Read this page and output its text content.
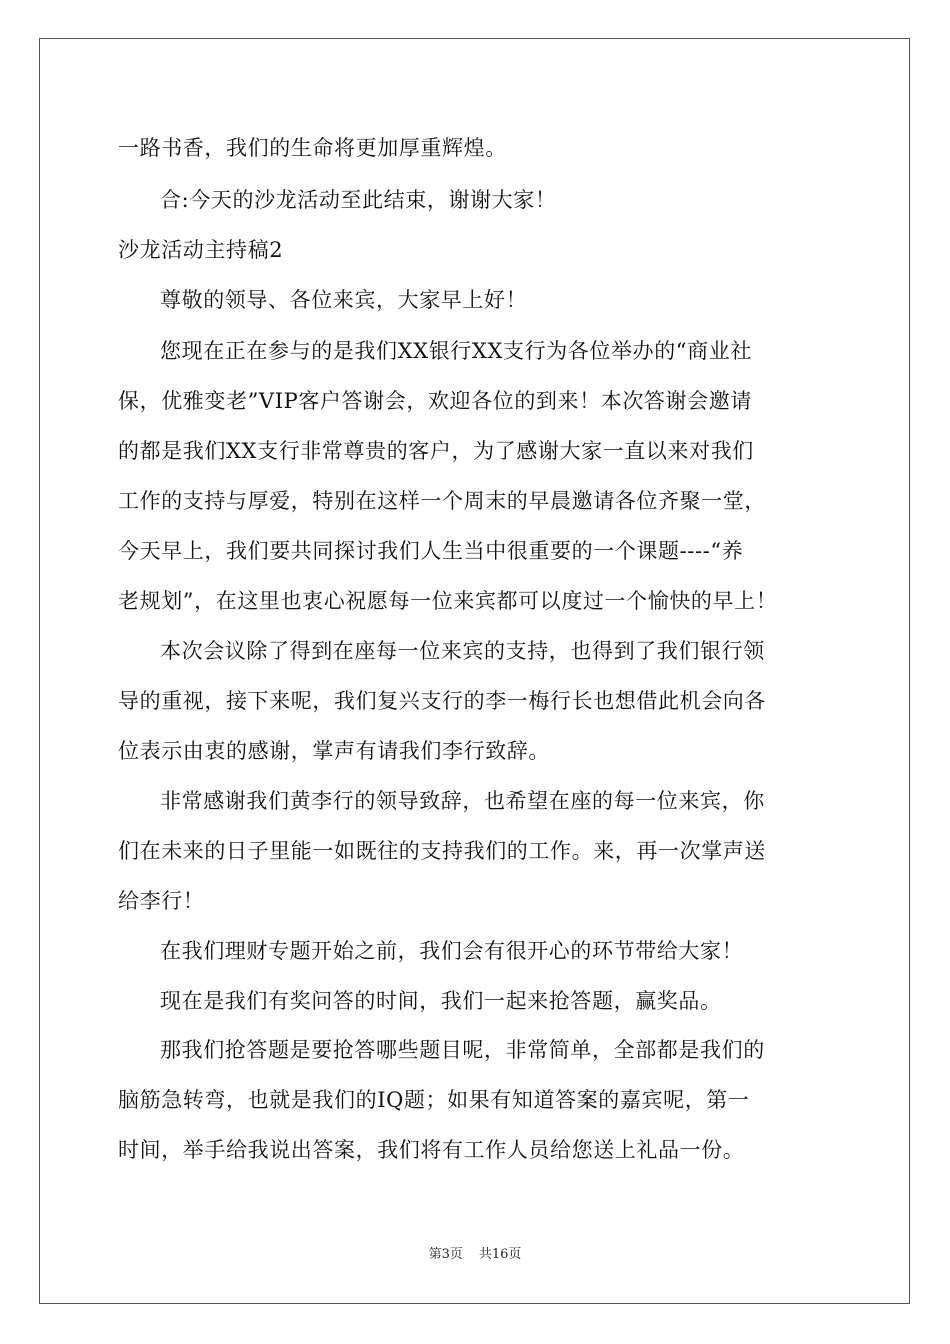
一路书香，我们的生命将更加厚重辉煌。
合:今天的沙龙活动至此结束，谢谢大家！
沙龙活动主持稿2
尊敬的领导、各位来宾，大家早上好！
您现在正在参与的是我们XX银行XX支行为各位举办的“商业社
保，优雅变老”VIP客户答谢会，欢迎各位的到来！本次答谢会邀请
的都是我们XX支行非常尊贵的客户，为了感谢大家一直以来对我们
工作的支持与厚爱，特别在这样一个周末的早晨邀请各位齐聚一堂，
今天早上，我们要共同探讨我们人生当中很重要的一个课题----“养
老规划”，在这里也衷心祝愿每一位来宾都可以度过一个愉快的早上！
本次会议除了得到在座每一位来宾的支持，也得到了我们银行领
导的重视，接下来呢，我们复兴支行的李一梅行长也想借此机会向各
位表示由衷的感谢，掌声有请我们李行致辞。
非常感谢我们黄李行的领导致辞，也希望在座的每一位来宾，你
们在未来的日子里能一如既往的支持我们的工作。来，再一次掌声送
给李行！
在我们理财专题开始之前，我们会有很开心的环节带给大家！
现在是我们有奖问答的时间，我们一起来抢答题，赢奖品。
那我们抢答题是要抢答哪些题目呢，非常简单，全部都是我们的
脑筋急转弯，也就是我们的IQ题；如果有知道答案的嘉宾呢，第一
时间，举手给我说出答案，我们将有工作人员给您送上礼品一份。
第3页 共16页
